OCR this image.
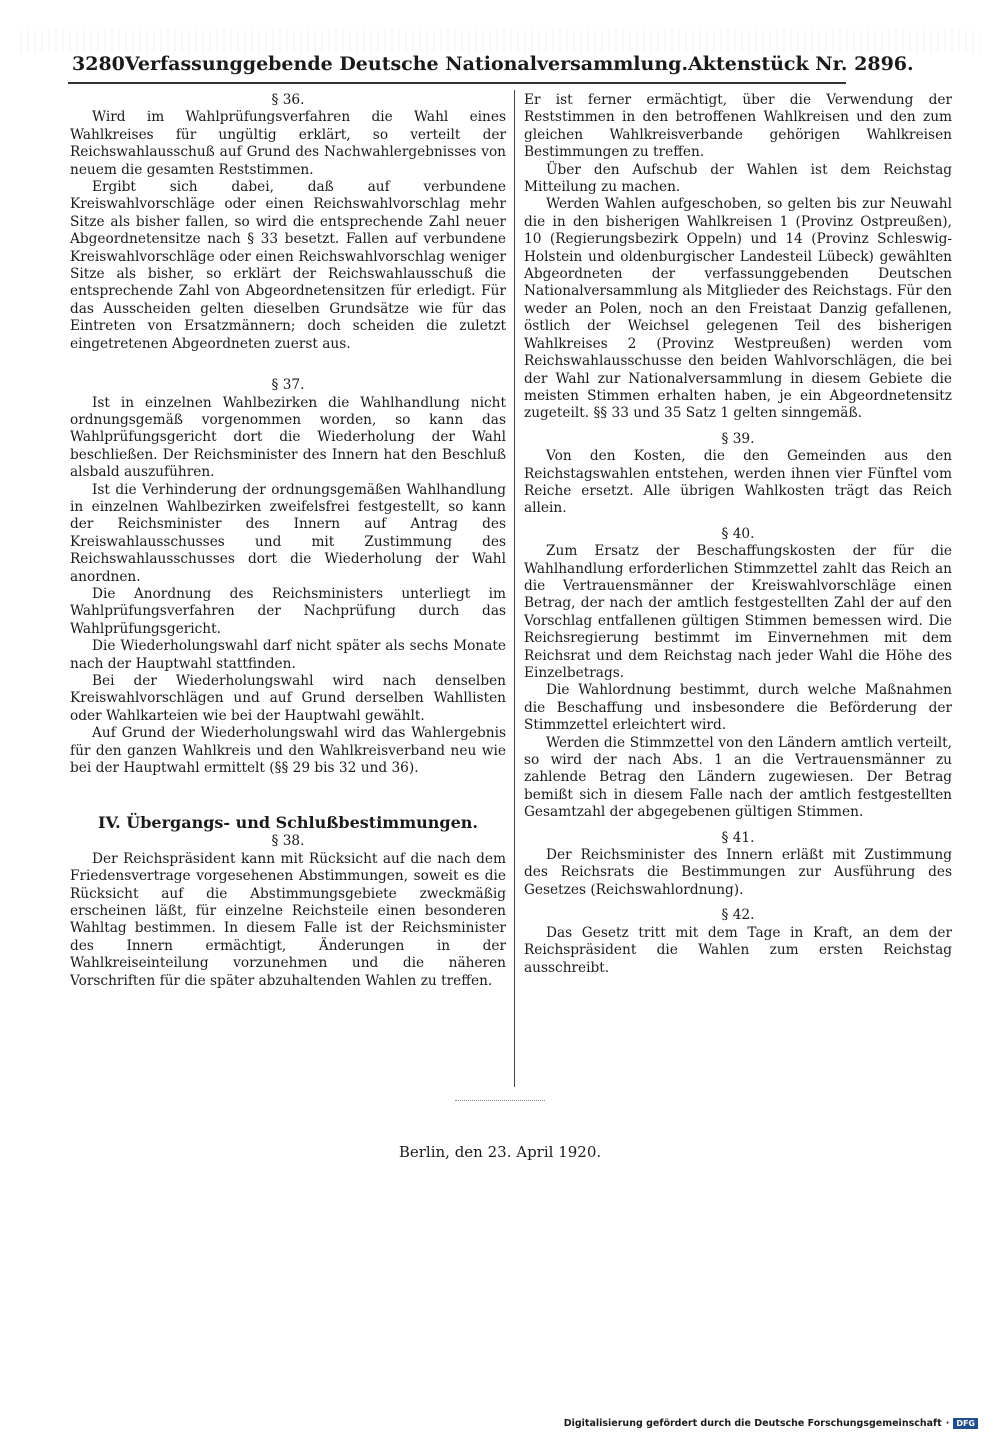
3280 Verfassunggebende Deutsche Nationalversammlung. Aktenstück Nr. 2896.

§ 36.

Wird im Wahlprüfungsverfahren die Wahl eines Wahlkreises für ungültig erklärt, so verteilt der Reichswahlausschuß auf Grund des Nachwahlergebnisses von neuem die gesamten Reststimmen.

Ergibt sich dabei, daß auf verbundene Kreiswahlvorschläge oder einen Reichswahlvorschlag mehr Sitze als bisher fallen, so wird die entsprechende Zahl neuer Abgeordnetensitze nach § 33 besetzt. Fallen auf verbundene Kreiswahlvorschläge oder einen Reichswahlvorschlag weniger Sitze als bisher, so erklärt der Reichswahlausschuß die entsprechende Zahl von Abgeordnetensitzen für erledigt. Für das Ausscheiden gelten dieselben Grundsätze wie für das Eintreten von Ersatzmännern; doch scheiden die zuletzt eingetretenen Abgeordneten zuerst aus.

§ 37.

Ist in einzelnen Wahlbezirken die Wahlhandlung nicht ordnungsgemäß vorgenommen worden, so kann das Wahlprüfungsgericht dort die Wiederholung der Wahl beschließen. Der Reichsminister des Innern hat den Beschluß alsbald auszuführen.

Ist die Verhinderung der ordnungsgemäßen Wahlhandlung in einzelnen Wahlbezirken zweifelsfrei festgestellt, so kann der Reichsminister des Innern auf Antrag des Kreiswahlausschusses und mit Zustimmung des Reichswahlausschusses dort die Wiederholung der Wahl anordnen.

Die Anordnung des Reichsministers unterliegt im Wahlprüfungsverfahren der Nachprüfung durch das Wahlprüfungsgericht.

Die Wiederholungswahl darf nicht später als sechs Monate nach der Hauptwahl stattfinden.

Bei der Wiederholungswahl wird nach denselben Kreiswahlvorschlägen und auf Grund derselben Wahllisten oder Wahlkarteien wie bei der Hauptwahl gewählt.

Auf Grund der Wiederholungswahl wird das Wahlergebnis für den ganzen Wahlkreis und den Wahlkreisverband neu wie bei der Hauptwahl ermittelt (§§ 29 bis 32 und 36).

IV. Übergangs- und Schlußbestimmungen.

§ 38.

Der Reichspräsident kann mit Rücksicht auf die nach dem Friedensvertrage vorgesehenen Abstimmungen, soweit es die Rücksicht auf die Abstimmungsgebiete zweckmäßig erscheinen läßt, für einzelne Reichsteile einen besonderen Wahltag bestimmen. In diesem Falle ist der Reichsminister des Innern ermächtigt, Änderungen in der Wahlkreiseinteilung vorzunehmen und die näheren Vorschriften für die später abzuhaltenden Wahlen zu treffen.

Er ist ferner ermächtigt, über die Verwendung der Reststimmen in den betroffenen Wahlkreisen und den zum gleichen Wahlkreisverbande gehörigen Wahlkreisen Bestimmungen zu treffen.

Über den Aufschub der Wahlen ist dem Reichstag Mitteilung zu machen.

Werden Wahlen aufgeschoben, so gelten bis zur Neuwahl die in den bisherigen Wahlkreisen 1 (Provinz Ostpreußen), 10 (Regierungsbezirk Oppeln) und 14 (Provinz Schleswig-Holstein und oldenburgischer Landesteil Lübeck) gewählten Abgeordneten der verfassunggebenden Deutschen Nationalversammlung als Mitglieder des Reichstags. Für den weder an Polen, noch an den Freistaat Danzig gefallenen, östlich der Weichsel gelegenen Teil des bisherigen Wahlkreises 2 (Provinz Westpreußen) werden vom Reichswahlausschusse den beiden Wahlvorschlägen, die bei der Wahl zur Nationalversammlung in diesem Gebiete die meisten Stimmen erhalten haben, je ein Abgeordnetensitz zugeteilt. §§ 33 und 35 Satz 1 gelten sinngemäß.

§ 39.

Von den Kosten, die den Gemeinden aus den Reichstagswahlen entstehen, werden ihnen vier Fünftel vom Reiche ersetzt. Alle übrigen Wahlkosten trägt das Reich allein.

§ 40.

Zum Ersatz der Beschaffungskosten der für die Wahlhandlung erforderlichen Stimmzettel zahlt das Reich an die Vertrauensmänner der Kreiswahlvorschläge einen Betrag, der nach der amtlich festgestellten Zahl der auf den Vorschlag entfallenen gültigen Stimmen bemessen wird. Die Reichsregierung bestimmt im Einvernehmen mit dem Reichsrat und dem Reichstag nach jeder Wahl die Höhe des Einzelbetrags.

Die Wahlordnung bestimmt, durch welche Maßnahmen die Beschaffung und insbesondere die Beförderung der Stimmzettel erleichtert wird.

Werden die Stimmzettel von den Ländern amtlich verteilt, so wird der nach Abs. 1 an die Vertrauensmänner zu zahlende Betrag den Ländern zugewiesen. Der Betrag bemißt sich in diesem Falle nach der amtlich festgestellten Gesamtzahl der abgegebenen gültigen Stimmen.

§ 41.

Der Reichsminister des Innern erläßt mit Zustimmung des Reichsrats die Bestimmungen zur Ausführung des Gesetzes (Reichswahlordnung).

§ 42.

Das Gesetz tritt mit dem Tage in Kraft, an dem der Reichspräsident die Wahlen zum ersten Reichstag ausschreibt.

Berlin, den 23. April 1920.
Digitalisierung gefördert durch die Deutsche Forschungsgemeinschaft · DFG
